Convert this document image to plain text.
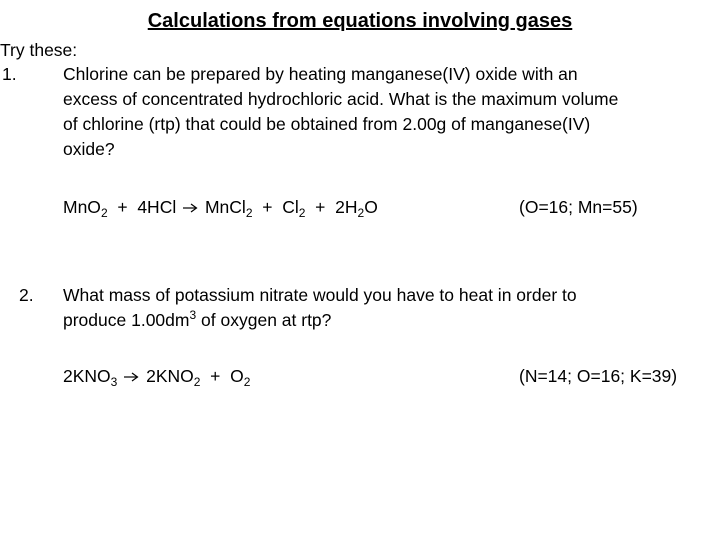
Calculations from equations involving gases
Try these:
1.	Chlorine can be prepared by heating manganese(IV) oxide with an
excess of concentrated hydrochloric acid. What is the maximum volume
of chlorine (rtp) that could be obtained from 2.00g of manganese(IV)
oxide?
MnO$_2$ + 4HCl MnCl$_2$ + $Cl_2 + 2H_2O$	(O=16; Mn=55)
2. What mass of potassium nitrate would you have to heat in order to
produce $1.00dm^3$ of oxygen at rtp?
$2KNO_3$ $2KNO_2 + O_2$	(N=14; O=16; K=39)
